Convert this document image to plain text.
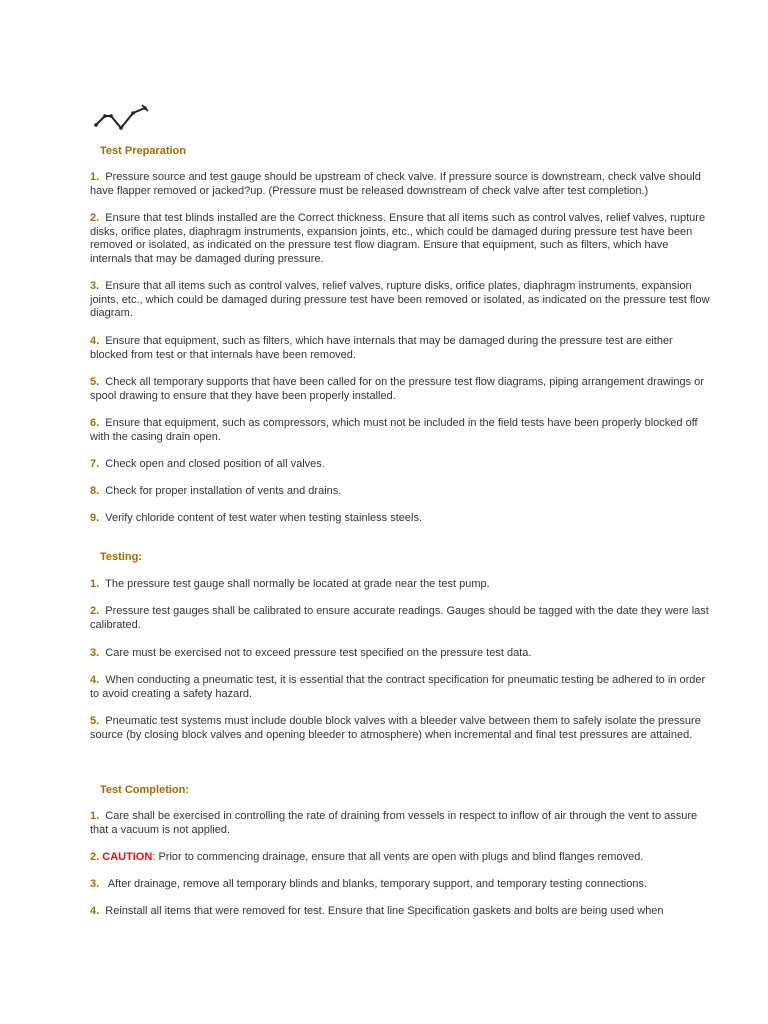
Test Preparation

1.  Pressure source and test gauge should be upstream of check valve. If pressure source is downstream, check valve should have flapper removed or jacked?up. (Pressure must be released downstream of check valve after test completion.)

2.  Ensure that test blinds installed are the Correct thickness. Ensure that all items such as control valves, relief valves, rupture disks, orifice plates, diaphragm instruments, expansion joints, etc., which could be damaged during pressure test have been removed or isolated, as indicated on the pressure test flow diagram. Ensure that equipment, such as filters, which have internals that may be damaged during pressure.

3.  Ensure that all items such as control valves, relief valves, rupture disks, orifice plates, diaphragm instruments, expansion joints, etc., which could be damaged during pressure test have been removed or isolated, as indicated on the pressure test flow diagram.

4.  Ensure that equipment, such as filters, which have internals that may be damaged during the pressure test are either blocked from test or that internals have been removed.

5.  Check all temporary supports that have been called for on the pressure test flow diagrams, piping arrangement drawings or spool drawing to ensure that they have been properly installed.

6.  Ensure that equipment, such as compressors, which must not be included in the field tests have been properly blocked off with the casing drain open.

7.  Check open and closed position of all valves.

8.  Check for proper installation of vents and drains.

9.  Verify chloride content of test water when testing stainless steels.

Testing:

1.  The pressure test gauge shall normally be located at grade near the test pump.

2.  Pressure test gauges shall be calibrated to ensure accurate readings. Gauges should be tagged with the date they were last calibrated.

3.  Care must be exercised not to exceed pressure test specified on the pressure test data.

4.  When conducting a pneumatic test, it is essential that the contract specification for pneumatic testing be adhered to in order to avoid creating a safety hazard.

5.  Pneumatic test systems must include double block valves with a bleeder valve between them to safely isolate the pressure source (by closing block valves and opening bleeder to atmosphere) when incremental and final test pressures are attained.

Test Completion:

1.  Care shall be exercised in controlling the rate of draining from vessels in respect to inflow of air through the vent to assure that a vacuum is not applied.

2. CAUTION: Prior to commencing drainage, ensure that all vents are open with plugs and blind flanges removed.

3.   After drainage, remove all temporary blinds and blanks, temporary support, and temporary testing connections.

4.  Reinstall all items that were removed for test. Ensure that line Specification gaskets and bolts are being used when
